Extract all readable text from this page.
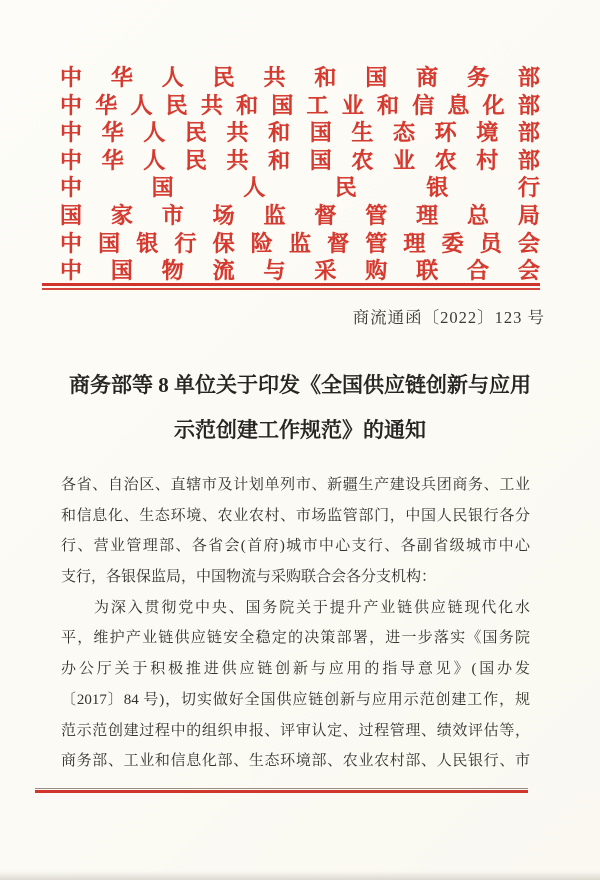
中 华 人 民 共 和 国 商 务 部
中 华 人 民 共 和 国 工 业 和 信 息 化 部
中 华 人 民 共 和 国 生 态 环 境 部
中 华 人 民 共 和 国 农 业 农 村 部
中	国	人	民	银	行
国 家 市 场 监 督 管 理 总 局
中 国 银 行 保 险 监 督 管 理 委 员 会
中 国 物 流 与 采 购 联 合 会
商流通函〔2022〕123 号
商务部等 8 单位关于印发《全国供应链创新与应用
示范创建工作规范》的通知
各省、自治区、直辖市及计划单列市、新疆生产建设兵团商务、工业
和信息化、生态环境、农业农村、市场监管部门，中国人民银行各分
行、营业管理部、各省会(首府)城市中心支行、各副省级城市中心
支行，各银保监局，中国物流与采购联合会各分支机构：
为深入贯彻党中央、国务院关于提升产业链供应链现代化水
平，维护产业链供应链安全稳定的决策部署，进一步落实《国务院
办公厅关于积极推进供应链创新与应用的指导意见》(国办发
〔2017〕84 号)，切实做好全国供应链创新与应用示范创建工作，规
范示范创建过程中的组织申报、评审认定、过程管理、绩效评估等，
商务部、工业和信息化部、生态环境部、农业农村部、人民银行、市
